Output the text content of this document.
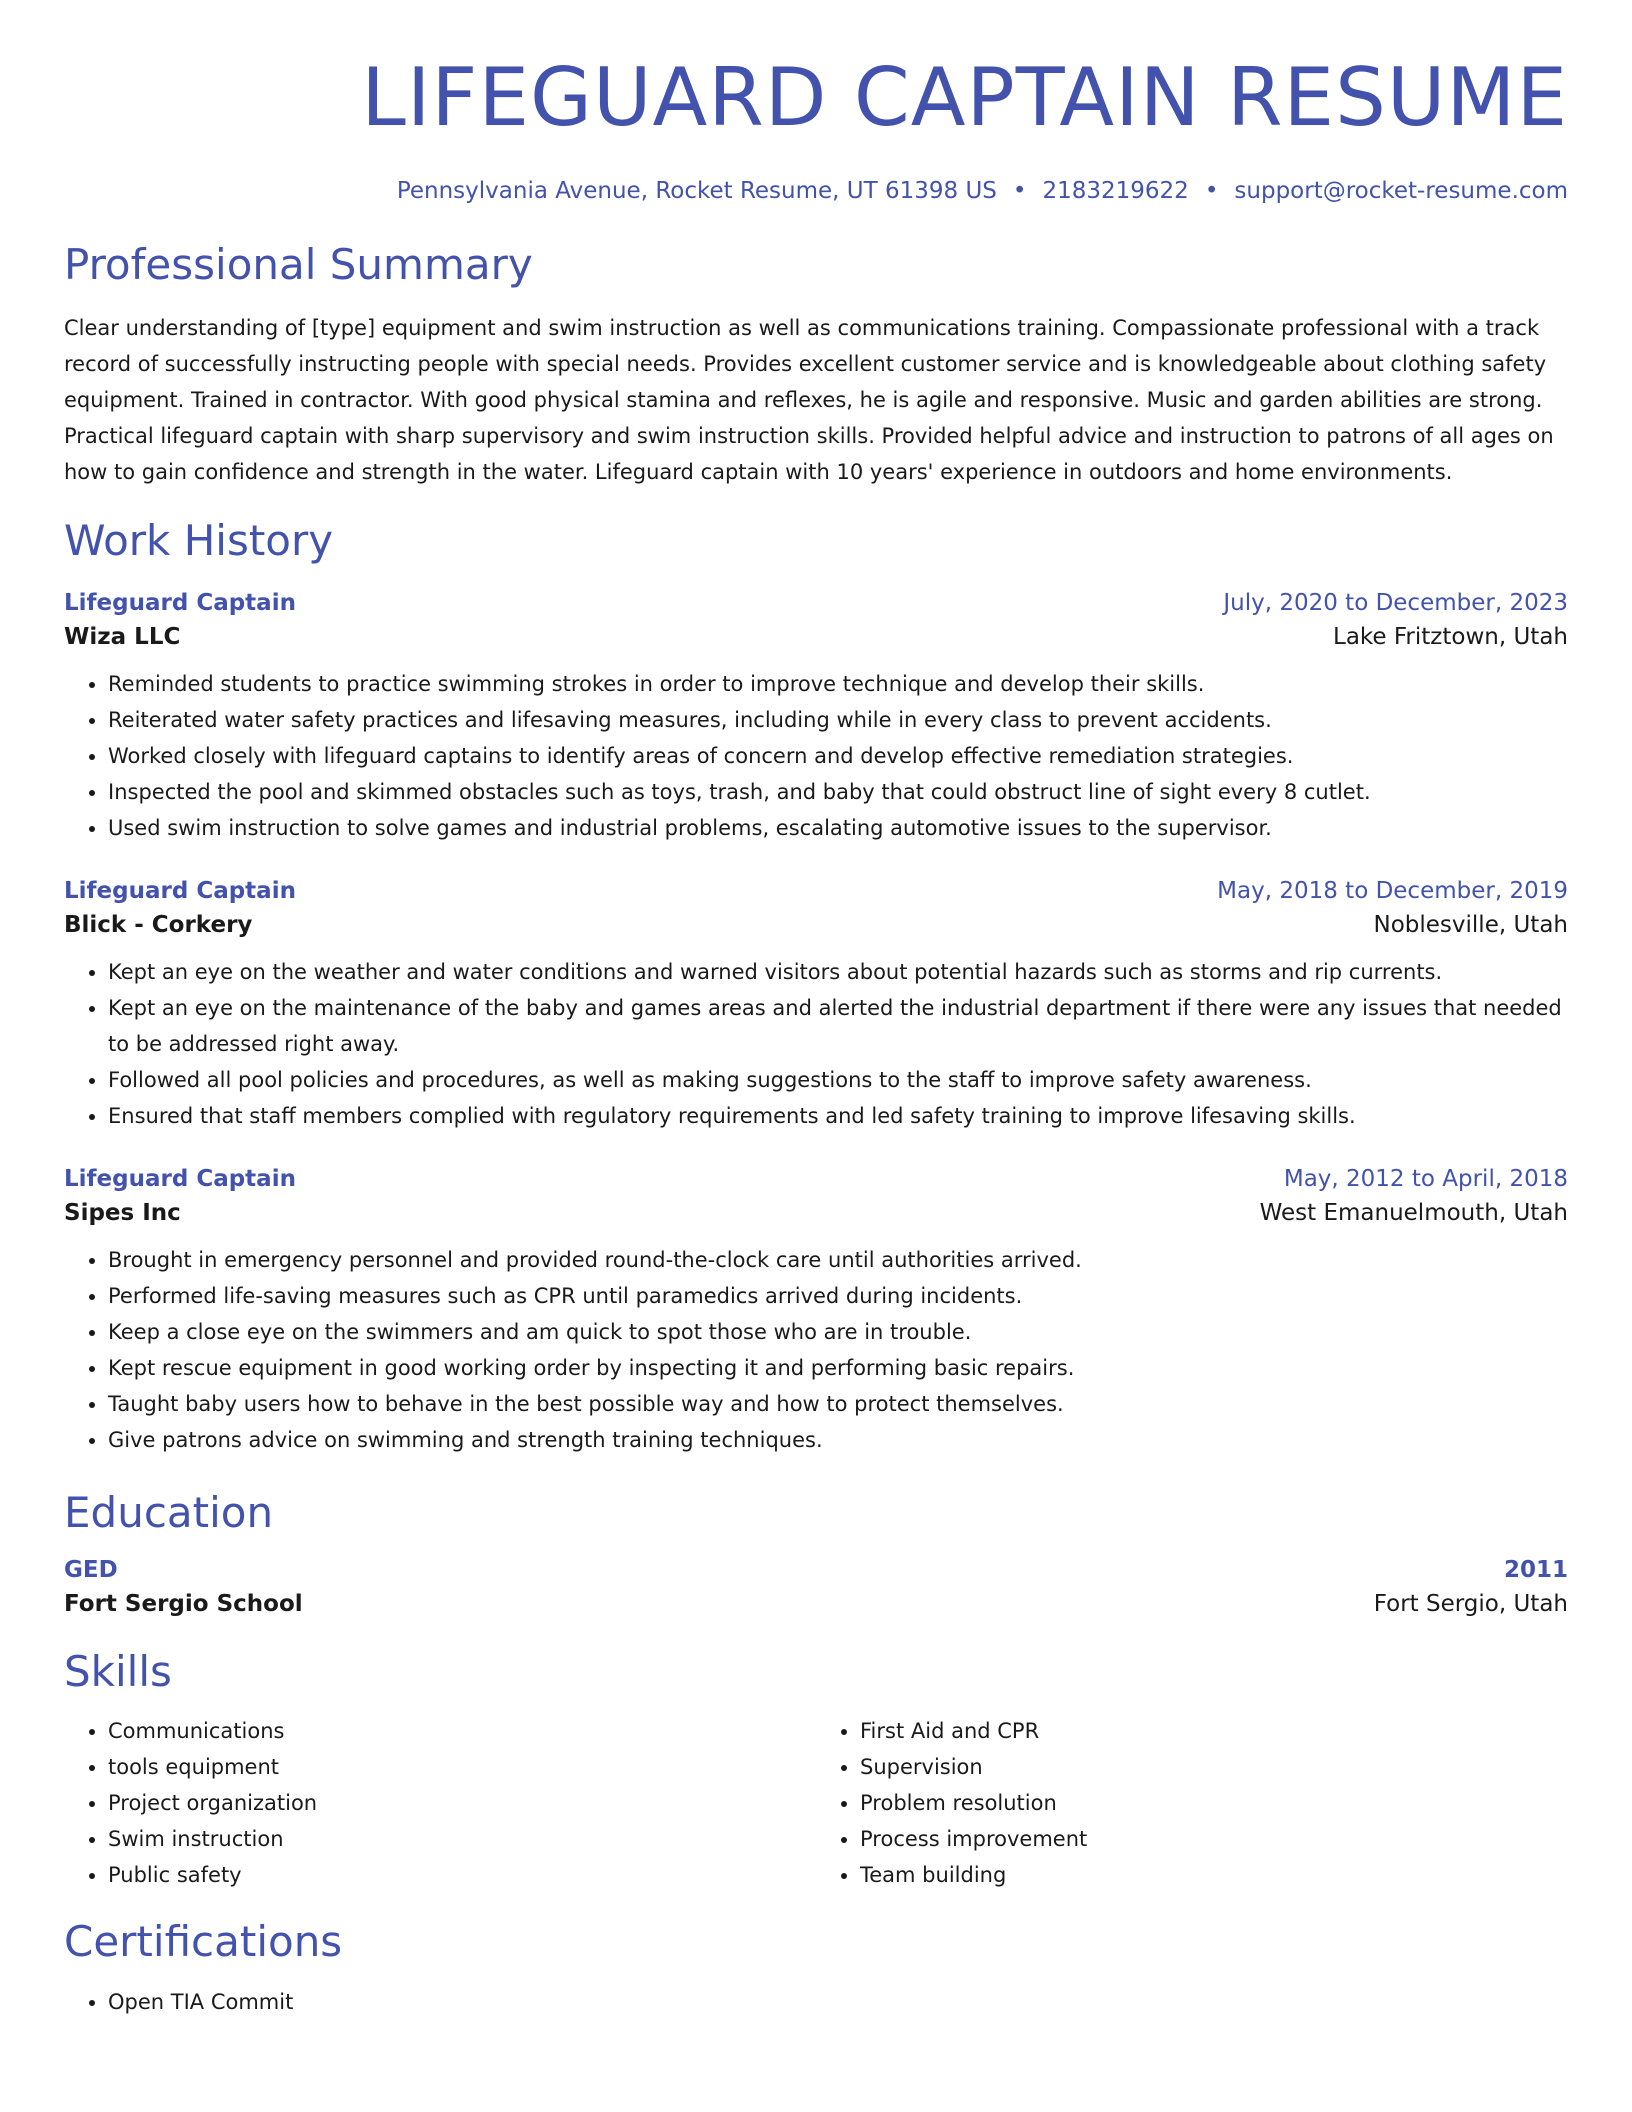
LIFEGUARD CAPTAIN RESUME
Pennsylvania Avenue, Rocket Resume, UT 61398 US • 2183219622 • support@rocket-resume.com
Professional Summary

Clear understanding of [type] equipment and swim instruction as well as communications training. Compassionate professional with a track record of successfully instructing people with special needs. Provides excellent customer service and is knowledgeable about clothing safety equipment. Trained in contractor. With good physical stamina and reflexes, he is agile and responsive. Music and garden abilities are strong. Practical lifeguard captain with sharp supervisory and swim instruction skills. Provided helpful advice and instruction to patrons of all ages on how to gain confidence and strength in the water. Lifeguard captain with 10 years' experience in outdoors and home environments.

Work History
Lifeguard Captain	July, 2020 to December, 2023
Wiza LLC	Lake Fritztown, Utah
• Reminded students to practice swimming strokes in order to improve technique and develop their skills.
• Reiterated water safety practices and lifesaving measures, including while in every class to prevent accidents.
• Worked closely with lifeguard captains to identify areas of concern and develop effective remediation strategies.
• Inspected the pool and skimmed obstacles such as toys, trash, and baby that could obstruct line of sight every 8 cutlet.
• Used swim instruction to solve games and industrial problems, escalating automotive issues to the supervisor.
Lifeguard Captain	May, 2018 to December, 2019
Blick - Corkery	Noblesville, Utah
• Kept an eye on the weather and water conditions and warned visitors about potential hazards such as storms and rip currents.
• Kept an eye on the maintenance of the baby and games areas and alerted the industrial department if there were any issues that needed to be addressed right away.
• Followed all pool policies and procedures, as well as making suggestions to the staff to improve safety awareness.
• Ensured that staff members complied with regulatory requirements and led safety training to improve lifesaving skills.
Lifeguard Captain	May, 2012 to April, 2018
Sipes Inc	West Emanuelmouth, Utah
• Brought in emergency personnel and provided round-the-clock care until authorities arrived.
• Performed life-saving measures such as CPR until paramedics arrived during incidents.
• Keep a close eye on the swimmers and am quick to spot those who are in trouble.
• Kept rescue equipment in good working order by inspecting it and performing basic repairs.
• Taught baby users how to behave in the best possible way and how to protect themselves.
• Give patrons advice on swimming and strength training techniques.
Education
GED	2011
Fort Sergio School	Fort Sergio, Utah
Skills
• Communications
• tools equipment
• Project organization
• Swim instruction
• Public safety
• First Aid and CPR
• Supervision
• Problem resolution
• Process improvement
• Team building
Certifications
• Open TIA Commit
